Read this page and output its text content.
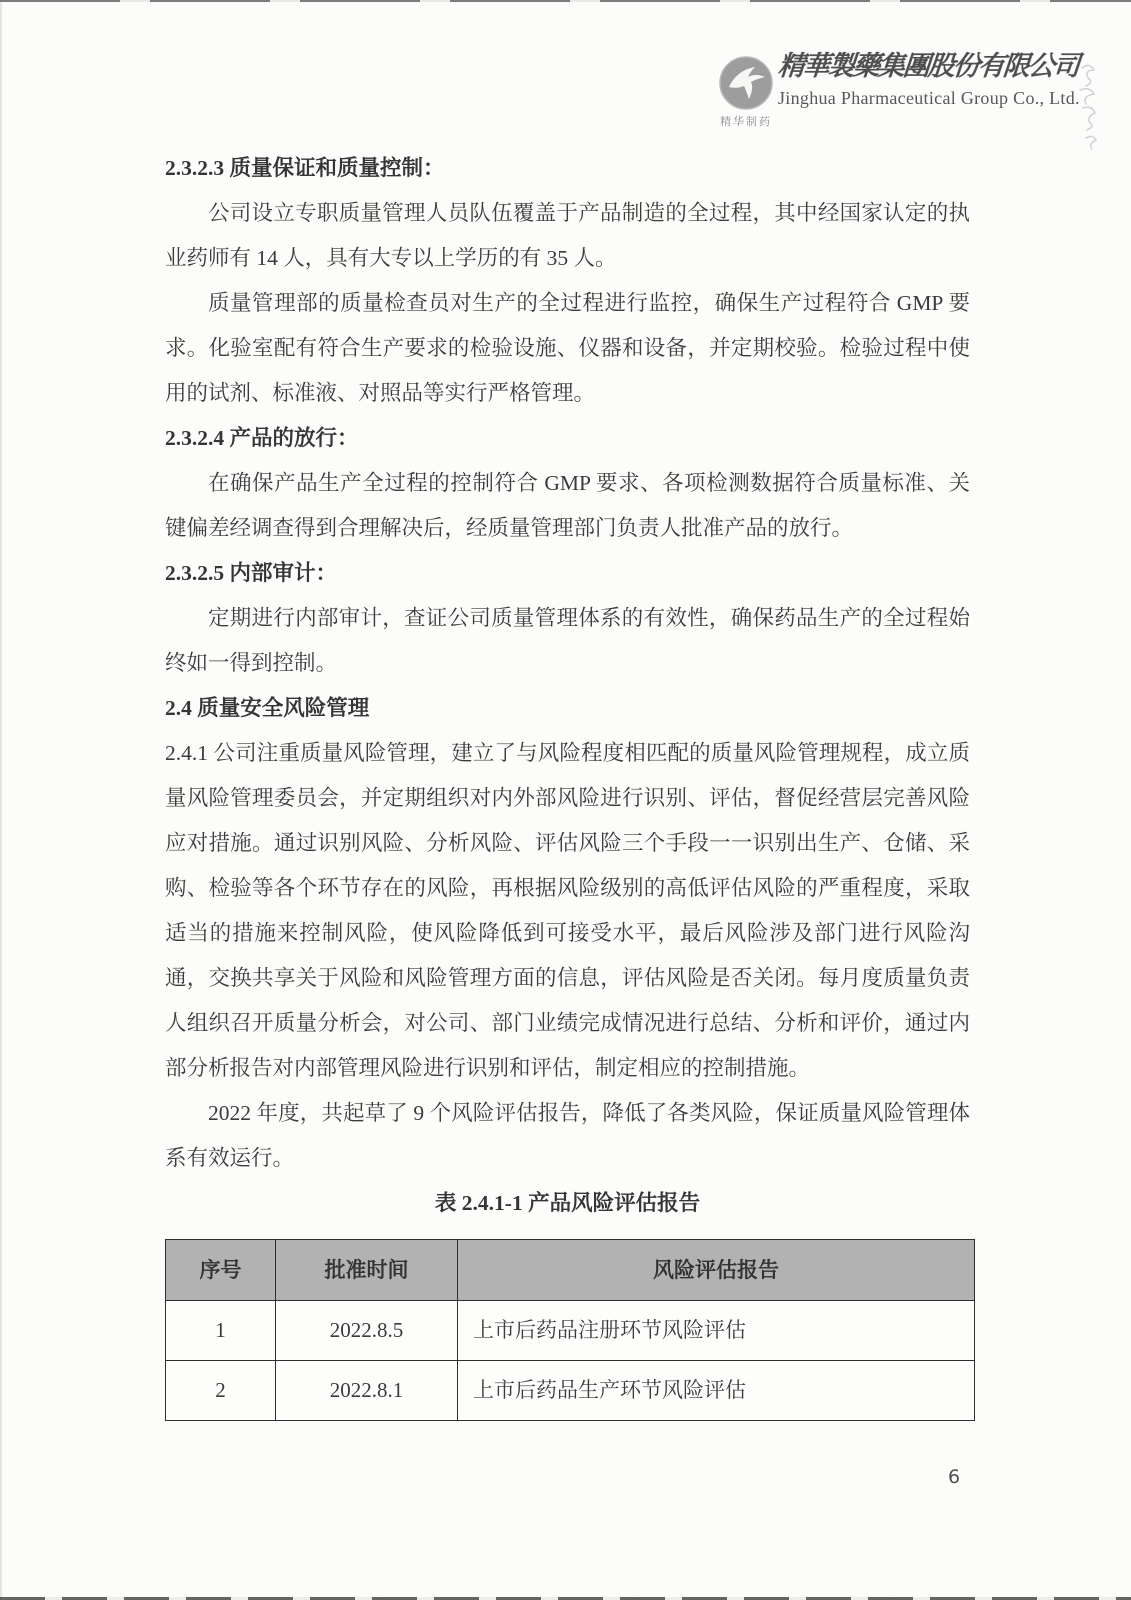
精华制药
精華製藥集團股份有限公司
Jinghua Pharmaceutical Group Co., Ltd.

2.3.2.3 质量保证和质量控制：

公司设立专职质量管理人员队伍覆盖于产品制造的全过程，其中经国家认定的执业药师有 14 人，具有大专以上学历的有 35 人。

质量管理部的质量检查员对生产的全过程进行监控，确保生产过程符合 GMP 要求。化验室配有符合生产要求的检验设施、仪器和设备，并定期校验。检验过程中使用的试剂、标准液、对照品等实行严格管理。

2.3.2.4 产品的放行：

在确保产品生产全过程的控制符合 GMP 要求、各项检测数据符合质量标准、关键偏差经调查得到合理解决后，经质量管理部门负责人批准产品的放行。

2.3.2.5 内部审计：

定期进行内部审计，查证公司质量管理体系的有效性，确保药品生产的全过程始终如一得到控制。

2.4 质量安全风险管理

2.4.1 公司注重质量风险管理，建立了与风险程度相匹配的质量风险管理规程，成立质量风险管理委员会，并定期组织对内外部风险进行识别、评估，督促经营层完善风险应对措施。通过识别风险、分析风险、评估风险三个手段一一识别出生产、仓储、采购、检验等各个环节存在的风险，再根据风险级别的高低评估风险的严重程度，采取适当的措施来控制风险，使风险降低到可接受水平，最后风险涉及部门进行风险沟通，交换共享关于风险和风险管理方面的信息，评估风险是否关闭。每月度质量负责人组织召开质量分析会，对公司、部门业绩完成情况进行总结、分析和评价，通过内部分析报告对内部管理风险进行识别和评估，制定相应的控制措施。

2022 年度，共起草了 9 个风险评估报告，降低了各类风险，保证质量风险管理体系有效运行。

表 2.4.1-1 产品风险评估报告

序号	批准时间	风险评估报告
1	2022.8.5	上市后药品注册环节风险评估
2	2022.8.1	上市后药品生产环节风险评估
6
